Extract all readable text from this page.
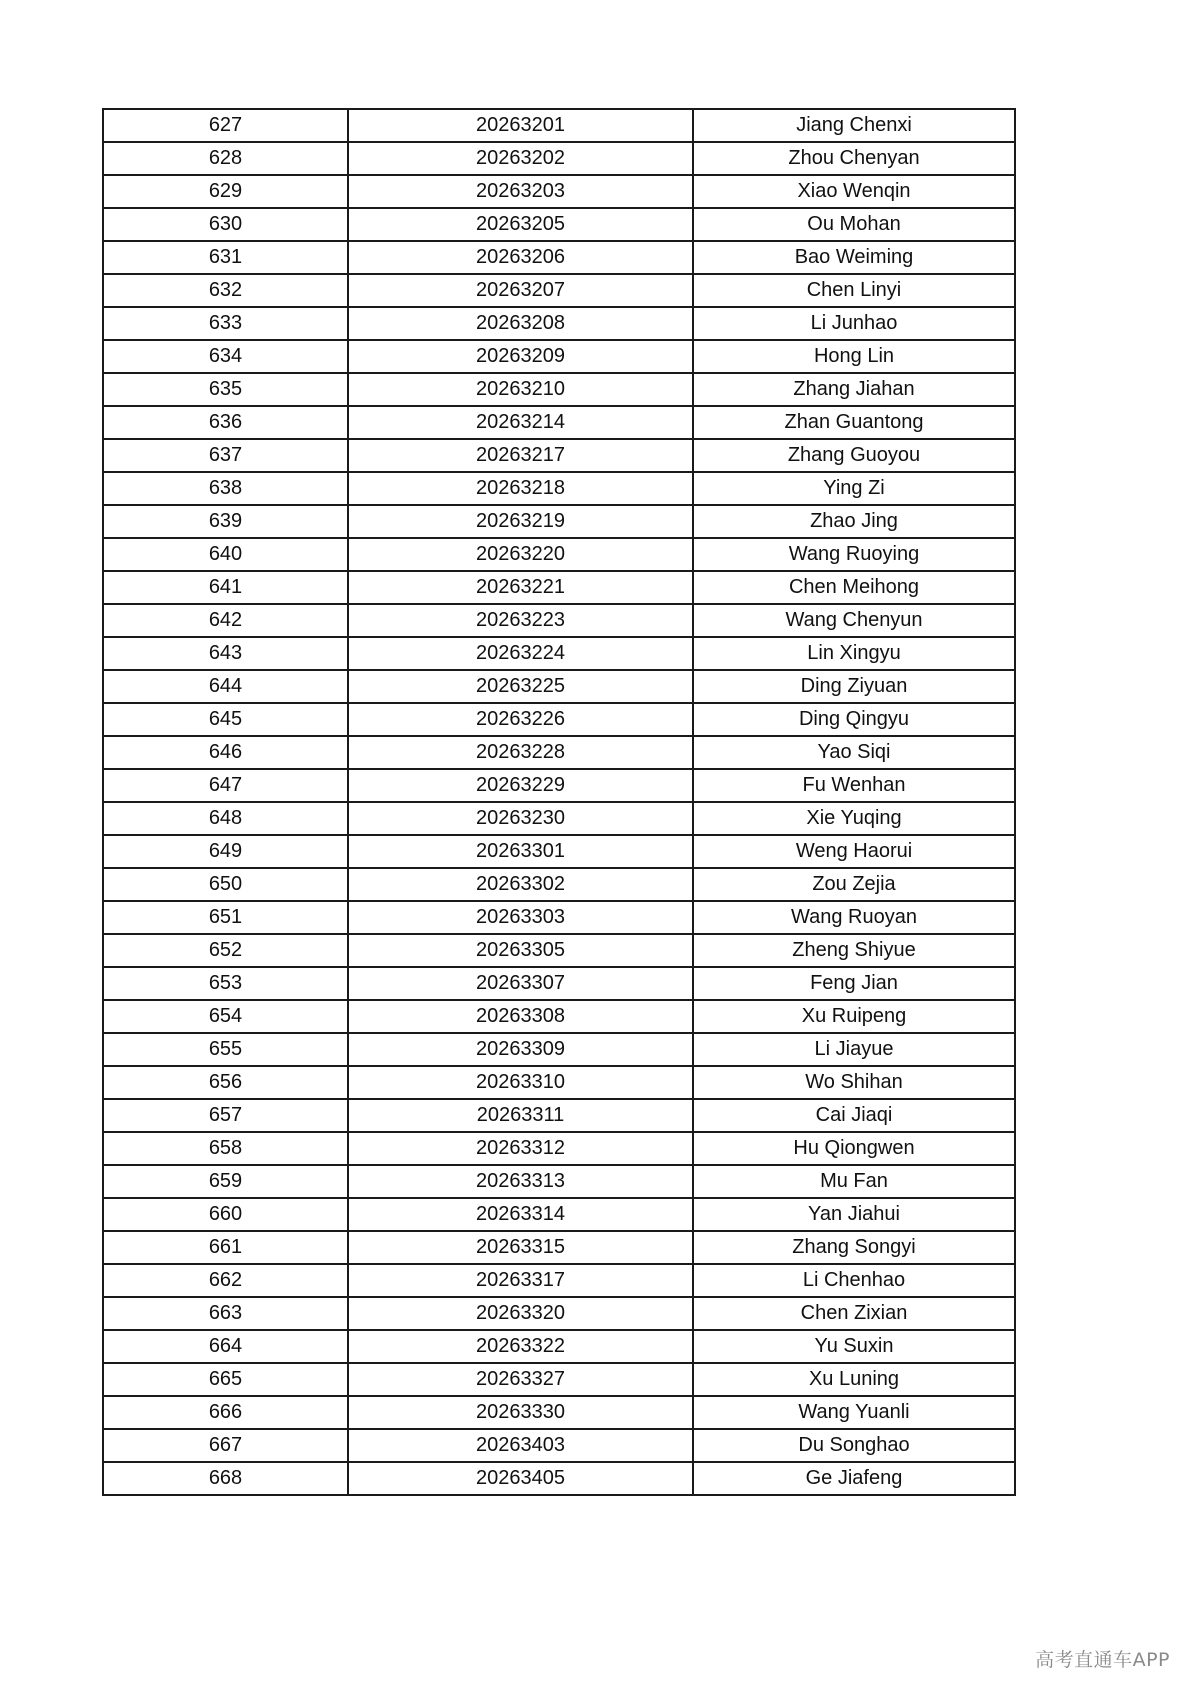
627	20263201	Jiang Chenxi
628	20263202	Zhou Chenyan
629	20263203	Xiao Wenqin
630	20263205	Ou Mohan
631	20263206	Bao Weiming
632	20263207	Chen Linyi
633	20263208	Li Junhao
634	20263209	Hong Lin
635	20263210	Zhang Jiahan
636	20263214	Zhan Guantong
637	20263217	Zhang Guoyou
638	20263218	Ying Zi
639	20263219	Zhao Jing
640	20263220	Wang Ruoying
641	20263221	Chen Meihong
642	20263223	Wang Chenyun
643	20263224	Lin Xingyu
644	20263225	Ding Ziyuan
645	20263226	Ding Qingyu
646	20263228	Yao Siqi
647	20263229	Fu Wenhan
648	20263230	Xie Yuqing
649	20263301	Weng Haorui
650	20263302	Zou Zejia
651	20263303	Wang Ruoyan
652	20263305	Zheng Shiyue
653	20263307	Feng Jian
654	20263308	Xu Ruipeng
655	20263309	Li Jiayue
656	20263310	Wo Shihan
657	20263311	Cai Jiaqi
658	20263312	Hu Qiongwen
659	20263313	Mu Fan
660	20263314	Yan Jiahui
661	20263315	Zhang Songyi
662	20263317	Li Chenhao
663	20263320	Chen Zixian
664	20263322	Yu Suxin
665	20263327	Xu Luning
666	20263330	Wang Yuanli
667	20263403	Du Songhao
668	20263405	Ge Jiafeng
高考直通车APP
